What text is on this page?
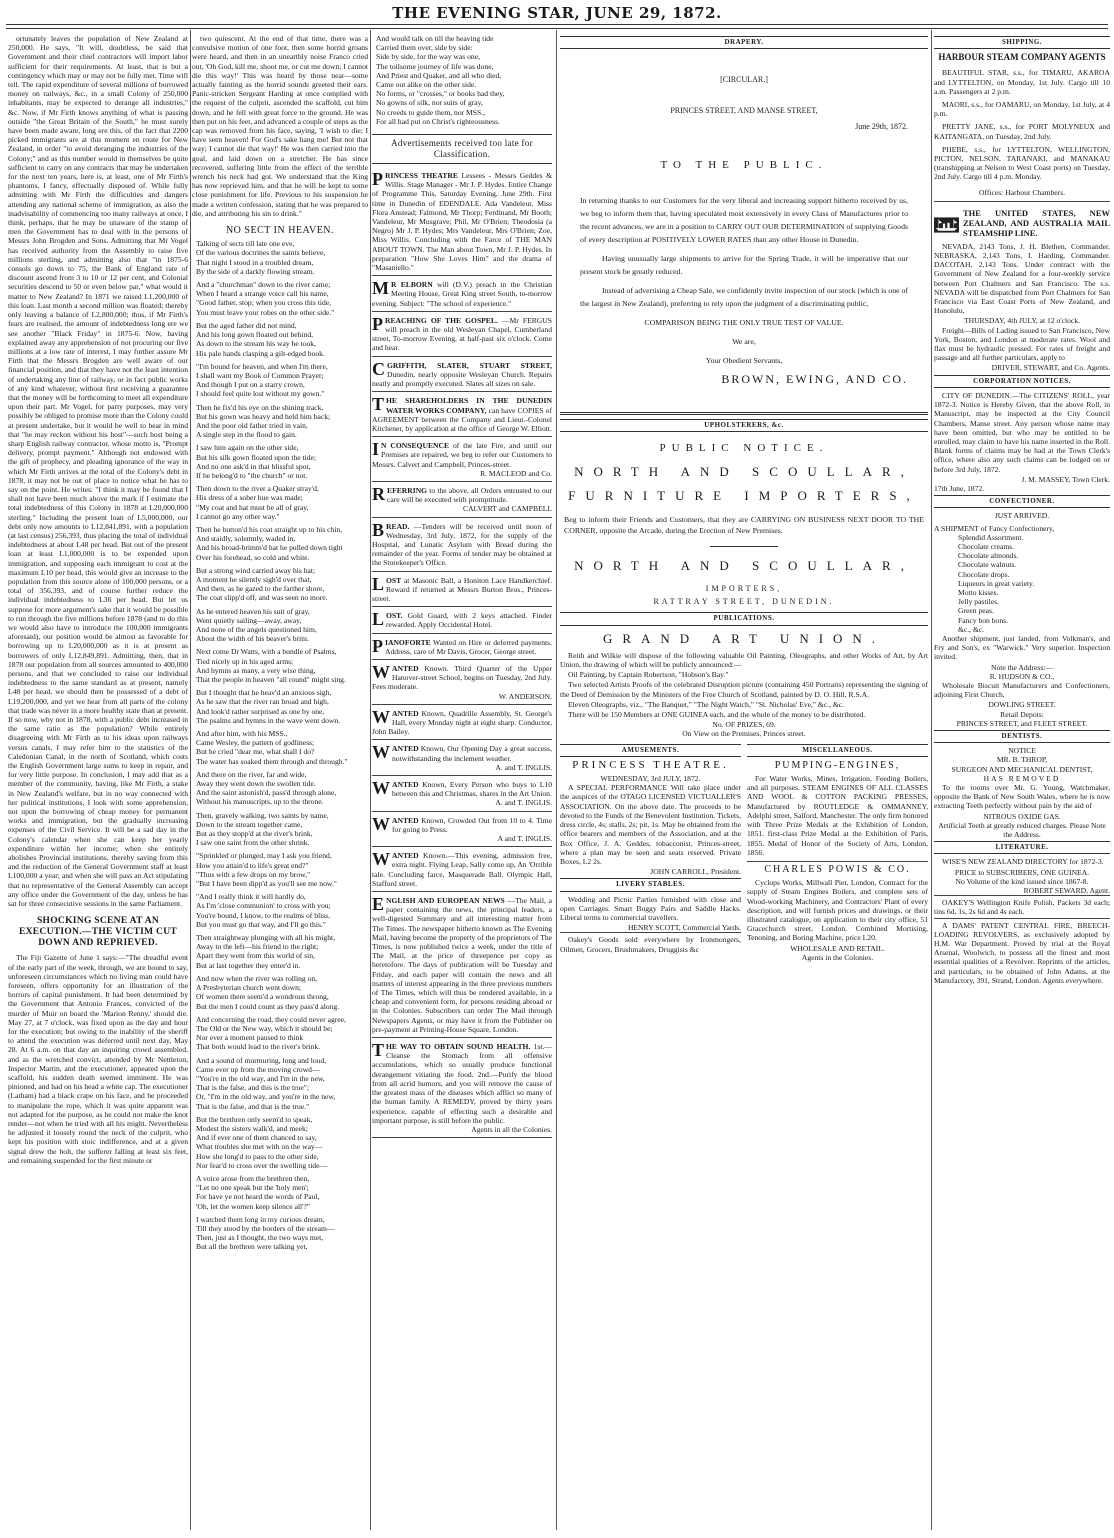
THE EVENING STAR, JUNE 29, 1872.

ortunately leaves the population of New Zealand at 250,000. He says, "It will, doubtless, be said that Government and their chief contractors will import labor sufficient for their requirements. At least, that is but a contingency which may or may not be fully met. Time will tell. The rapid expenditure of several millions of borrowed money on railways, &c., in a small Colony of 250,000 inhabitants, may be expected to derange all industries," &c. Now, if Mr Firth knows anything of what is passing outside "the Great Britain of the South," he must surely have been made aware, long ere this, of the fact that 2200 picked immigrants are at this moment en route for New Zealand, in order "to avoid deranging the industries of the Colony;" and as this number would in themselves be quite sufficient to carry on any contracts that may be undertaken for the next ten years, here is, at least, one of Mr Firth's phantoms, I fancy, effectually disposed of. While fully admitting with Mr Firth the difficulties and dangers attending any national scheme of immigration, as also the inadvisability of commencing too many railways at once, I think, perhaps, that he may be unaware of the stamp of men the Government has to deal with in the persons of Messrs John Brogden and Sons. Admitting that Mr Vogel has received authority from the Assembly to raise five millions sterling, and admitting also that "in 1875-6 consols go down to 75, the Bank of England rate of discount ascend from 3 to 10 or 12 per cent, and Colonial securities descend to 50 or even below par," what would it matter to New Zealand? In 1871 we raised L1,200,000 of this loan. Last month a second million was floated; thereby only leaving a balance of L2,800,000; thus, if Mr Firth's fears are realised, the amount of indebtedness long ere we see another "Black Friday" in 1875-6. Now, having explained away any apprehension of not procuring our five millions at a low rate of interest, I may further assure Mr Firth that the Messrs Brogden are well aware of our financial position, and that they have not the least intention of undertaking any line of railway, or in fact public works of any kind whatever, without first receiving a guarantee that the money will be forthcoming to meet all expenditure upon their part. Mr Vogel, for party purposes, may very possibly be obliged to promise more than the Colony could at present undertake, but it would be well to bear in mind that "he may reckon without his host"—such host being a sharp English railway contractor, whose motto is, "Prompt delivery, prompt payment." Although not endowed with the gift of prophecy, and pleading ignorance of the way in which Mr Firth arrives at the total of the Colony's debt in 1878, it may not be out of place to notice what he has to say on the point. He writes: "I think it may be found that I shall not have been much above the mark if I estimate the total indebtedness of this Colony in 1878 at L20,000,000 sterling." Including the present loan of L5,000,000, our debt only now amounts to L12,841,891, with a population (at last census) 256,393, thus placing the total of individual indebtedness at about L48 per head. But out of the present loan at least L1,000,000 is to be expended upon immigration, and supposing each immigrant to cost at the maximum L10 per head, this would give an increase to the population from this source alone of 100,000 persons, or a total of 356,393, and of course further reduce the individual indebtedness to L36 per head. But let us suppose for more argument's sake that it would be possible to run through the five millions before 1878 (and to do this we would also have to introduce the 100,000 immigrants aforesaid), our position would be almost as favorable for borrowing up to L20,000,000 as it is at present as borrowers of only L12,849,891. Admitting, then, that in 1878 our population from all sources amounted to 400,000 persons, and that we concluded to raise our individual indebtedness to the same standard as at present, namely L48 per head, we should then be possessed of a debt of L19,200,000, and yet we hear from all parts of the colony that trade was never in a more healthy state than at present. If so now, why not in 1878, with a public debt increased in the same ratio as the population? While entirely disagreeing with Mr Firth as to his ideas upon railways versus canals, I may refer him to the statistics of the Caledonian Canal, in the north of Scotland, which costs the English Government large sums to keep in repair, and for very little purpose. In conclusion, I may add that as a member of the community, having, like Mr Firth, a stake in New Zealand's welfare, but in no way connected with her political institutions, I look with some apprehension, not upon the borrowing of cheap money for permanent works and immigration, but the gradually increasing expenses of the Civil Service. It will be a sad day in the Colony's calendar when she can keep her yearly expenditure within her income; when she entirely abolishes Provincial institutions, thereby saving from this and the reduction of the General Government staff at least L100,000 a year; and when she will pass an Act stipulating that no representative of the General Assembly can accept any office under the Government of the day, unless he has sat for three consecutive sessions in the same Parliament.

SHOCKING SCENE AT AN EXECUTION.—THE VICTIM CUT DOWN AND REPRIEVED.

The Fiji Gazette of June 1 says:—"The dreadful event of the early part of the week, through, we are bound to say, unforeseen circumstances which no living man could have foreseen, offers opportunity for an illustration of the horrors of capital punishment. It had been determined by the Government that Antonio Frances, convicted of the murder of Muir on board the 'Marion Renny,' should die. May 27, at 7 o'clock, was fixed upon as the day and hour for the execution; but owing to the inability of the sheriff to attend the execution was deferred until next day, May 28. At 6 a.m. on that day an inquiring crowd assembled, and as the wretched convict, attended by Mr Nettleton, Inspector Martin, and the executioner, appeared upon the scaffold, his sudden death seemed imminent. He was pinioned, and had on his head a white cap. The executioner (Latham) had a black crape on his face, and he proceeded to manipulate the rope, which it was quite apparent was not adapted for the purpose, as he could not make the knot render—not when he tried with all his might. Nevertheless he adjusted it loosely round the neck of the culprit, who kept his position with stoic indifference, and at a given signal drew the bolt, the sufferer falling at least six feet, and remaining suspended for the first minute or

two quiescent. At the end of that time, there was a convulsive motion of one foot, then some horrid groans were heard, and then in an unearthly noise Franco cried out, 'Oh God, kill me, shoot me, or cut me down; I cannot die this way!' This was heard by those near—some actually fainting as the horrid sounds greeted their ears. Panic-stricken Sergeant Harding at once complied with the request of the culprit, ascended the scaffold, cut him down, and he fell with great force to the ground. He was then put on his feet, and advanced a couple of steps as the cap was removed from his face, saying, 'I wish to die; I have seen heaven! For God's sake hang me! But not that way; I cannot die that way!' He was then carried into the goal, and laid down on a stretcher. He has since recovered, suffering little from the effect of the terrible wrench his neck had got. We understand that the King has now reprieved him, and that he will be kept to some close punishment for life. Previous to his suspension he made a written confession, stating that he was prepared to die, and attributing his sin to drink."

NO SECT IN HEAVEN.
Talking of sects till late one eve,
Of the various doctrines the saints believe,
That night I stood in a troubled dream,
By the side of a darkly flowing stream.
And a "churchman" down to the river came;
When I heard a strange voice call his name,
"Good father, stop; when you cross this tide,
You must leave your robes on the other side."
But the aged father did not mind,
And his long gown floated out behind,
As down to the stream his way he took,
His pale hands clasping a gilt-edged book.
"I'm bound for heaven, and when I'm there,
I shall want my Book of Common Prayer;
And though I put on a starry crown,
I should feel quite lost without my gown."
Then he fix'd his eye on the shining track,
But his gown was heavy and held him back;
And the poor old father tried in vain,
A single step in the flood to gain.
I saw him again on the other side,
But his silk gown floated upon the tide;
And no one ask'd in that blissful spot,
If he belong'd to "the church" or not.
Then down to the river a Quaker stray'd,
His dress of a sober hue was made;
"My coat and hat must be all of gray,
I cannot go any other way."
Then he button'd his coat straight up to his chin,
And staidly, solemnly, waded in,
And his broad-brimm'd hat he pulled down tight
Over his forehead, so cold and white.
But a strong wind carried away his hat;
A moment he silently sigh'd over that,
And then, as he gazed to the farther shore,
The coat slipp'd off, and was seen no more.
As he entered heaven his suit of gray,
Went quietly sailing—away, away,
And none of the angels questioned him,
About the width of his beaver's brim.
Next come Dr Watts, with a bundle of Psalms,
Tied nicely up in his aged arms;
And hymns as many, a very wise thing,
That the people in heaven "all round" might sing.
But I thought that he heav'd an anxious sigh,
As he saw that the river ran broad and high,
And look'd rather surprised as one by one,
The psalms and hymns in the wave went down.
And after him, with his MSS.,
Came Wesley, the pattern of godliness;
But he cried "dear me, what shall I do?
The water has soaked them through and through."
And there on the river, far and wide,
Away they went down the swollen tide.
And the saint astonish'd, pass'd through alone,
Without his manuscripts, up to the throne.
Then, gravely walking, two saints by name,
Down to the stream together came,
But as they stopp'd at the river's brink,
I saw one saint from the other shrink.
"Sprinkled or plunged, may I ask you friend,
How you attain'd to life's great end?"
"Thus with a few drops on my brow,"
"But I have been dipp'd as you'll see me now."
"And I really think it will hardly do,
As I'm 'close communion' to cross with you;
You're bound, I know, to the realms of bliss,
But you must go that way, and I'll go this."
Then straightway plunging with all his might,
Away to the left—his friend to the right;
Apart they went from this world of sin,
But at last together they enter'd in.
And now when the river was rolling on,
A Presbyterian church went down;
Of women there seem'd a wondrous throng,
But the men I could count as they pass'd along.
And concerning the road, they could never agree,
The Old or the New way, which it should be;
Nor ever a moment paused to think
That both would lead to the river's brink.
And a sound of murmuring, long and loud,
Came ever up from the moving crowd—
"You're in the old way, and I'm in the new,
That is the false, and this is the true";
Or, "I'm in the old way, and you're in the new,
That is the false, and that is the true."
But the brethren only seem'd to speak,
Modest the sisters walk'd, and meek;
And if ever one of them chanced to say,
What troubles she met with on the way—
How she long'd to pass to the other side,
Nor fear'd to cross over the swelling tide—
A voice arose from the brethren then,
"Let no one speak but the 'holy men';
For have ye not heard the words of Paul,
'Oh, let the women keep silence all'?"
I watched them long in my curious dream,
Till they stood by the borders of the stream—
Then, just as I thought, the two ways met,
But all the brethren were talking yet,
And would talk on till the heaving tide
Carried them over, side by side:
Side by side, for the way was one,
The toilsome journey of life was done,
And Priest and Quaker, and all who died,
Came out alike on the other side.
No forms, or "crosses," or books had they,
No gowns of silk, nor suits of gray,
No creeds to guide them, nor MSS.,
For all had put on Christ's righteousness.
Advertisements received too late for Classification.
PRINCESS THEATRE Lessees - Messrs Geddes & Willis. Stage Manager - Mr J. P. Hydes. Entire Change of Programme This, Saturday Evening, June 29th. First time in Dunedin of EDENDALE. Ada Vandeleur, Miss Flora Anstead; Falmond, Mr Thorp; Ferdinand, Mr Booth; Vandeleur, Mr Musgrave; Phil, Mr O'Brien; Theodosia (a Negro) Mr J. P. Hydes; Mrs Vandeleur, Mrs O'Brien; Zoe, Miss Willis. Concluding with the Farce of THE MAN ABOUT TOWN. The Man about Town, Mr J. P. Hydes. In preparation "How She Loves Him" and the drama of "Masaniello."
M R ELBORN will (D.V.) preach in the Christian Meeting House, Great King street South, to-morrow evening. Subject: "The school of experience."
PREACHING OF THE GOSPEL. —Mr FERGUS will preach in the old Wesleyan Chapel, Cumberland street, To-morrow Evening, at half-past six o'clock. Come and hear.
CGRIFFITH, SLATER, STUART STREET, Dunedin, nearly opposite Wesleyan Church. Repairs neatly and promptly executed. Slates all sizes on sale.
THE SHAREHOLDERS IN THE DUNEDIN WATER WORKS COMPANY, can have COPIES of AGREEMENT between the Company and Lieut.-Colonel Kitchener, by application at the office of George W. Elliott.
I N CONSEQUENCE of the late Fire, and until our Premises are repaired, we beg to refer our Customers to Messrs. Calvert and Campbell, Princes-street.
R. MACLEOD and Co.
REFERRING to the above, all Orders entrusted to our care will be executed with promptitude.
CALVERT and CAMPBELL
BREAD. —Tenders will be received until noon of Wednesday, 3rd July, 1872, for the supply of the Hospital, and Lunatic Asylum with Bread during the remainder of the year. Forms of tender may be obtained at the Storekeeper's Office.
LOST at Masonic Ball, a Honiton Lace Handkerchief. Reward if returned at Messrs Burton Bros., Princes-street.
LOST. Gold Guard, with 2 keys attached. Finder rewarded. Apply Occidental Hotel.
PIANOFORTE Wanted on Hire or deferred payments. Address, care of Mr Davis, Grocer, George street.
WANTED Known. Third Quarter of the Upper Hanover-street School, begins on Tuesday, 2nd July. Fees moderate.
W. ANDERSON.
WANTED Known, Quadrille Assembly, St. George's Hall, every Monday night at eight sharp. Conductor, John Bailey.
WANTED Known, Our Opening Day a great success, notwithstanding the inclement weather.
A. and T. INGLIS.
WANTED Known, Every Person who buys to L10 between this and Christmas, shares in the Art Union.
A. and T. INGLIS.
WANTED Known, Crowded Out from 10 to 4. Time for going to Press.
A and T. INGLIS.
WANTED Known.—This evening, admission free, extra night. Flying Leap, Sally come up, An 'Orrible tale. Concluding farce, Masquerade Ball. Olympic Hall, Stafford street.
ENGLISH AND EUROPEAN NEWS —The Mail, a paper containing the news, the principal leaders, a well-digested Summary and all interesting matter from The Times. The newspaper hitherto known as The Evening Mail, having become the property of the proprietors of The Times, is now published twice a week, under the title of The Mail, at the price of threepence per copy as heretofore. The days of publication will be Tuesday and Friday, and each paper will contain the news and all matters of interest appearing in the three previous numbers of The Times, which will thus be rendered available, in a cheap and convenient form, for persons residing abroad or in the Colonies. Subscribers can order The Mail through Newspapers Agents, or may have it from the Publisher on pre-payment at Printing-House Square, London.
THE WAY TO OBTAIN SOUND HEALTH. 1st.—Cleanse the Stomach from all offensive accumulations, which so usually produce functional derangement vitiating the food. 2nd.—Purify the blood from all acrid humors, and you will remove the cause of the greatest mass of the diseases which afflict so many of the human family. A REMEDY, proved by thirty years experience, capable of effecting such a desirable and important purpose, is still before the public.
Agents in all the Colonies.
DRAPERY.
[CIRCULAR.]
PRINCES STREET, AND MANSE STREET,
June 29th, 1872.
TO THE PUBLIC.

In returning thanks to our Customers for the very liberal and increasing support hitherto received by us, we beg to inform them that, having speculated most extensively in every Class of Manufactures prior to the recent advances, we are in a position to CARRY OUT OUR DETERMINATION of supplying Goods of every description at POSITIVELY LOWER RATES than any other House in Dunedin.

Having unusually large shipments to arrive for the Spring Trade, it will be imperative that our present stock be greatly reduced.

Instead of advertising a Cheap Sale, we confidently invite inspection of our stock (which is one of the largest in New Zealand), preferring to rely upon the judgment of a discriminating public,

COMPARISON BEING THE ONLY TRUE TEST OF VALUE.

We are,

Your Obedient Servants,

BROWN, EWING, AND CO.

UPHOLSTERERS, &c.
PUBLIC NOTICE.
NORTH AND SCOULLAR,
FURNITURE IMPORTERS,

Beg to inform their Friends and Customers, that they are CARRYING ON BUSINESS NEXT DOOR TO THE CORNER, opposite the Arcade, during the Erection of New Premises.

NORTH AND SCOULLAR,
IMPORTERS,
RATTRAY STREET, DUNEDIN.
PUBLICATIONS.
GRAND ART UNION.

Reith and Wilkie will dispose of the following valuable Oil Painting, Oleographs, and other Works of Art, by Art Union, the drawing of which will be publicly announced:—

Oil Painting, by Captain Robertson, "Hobson's Bay."

Two selected Artists Proofs of the celebrated Disruption picture (containing 450 Portraits) representing the signing of the Deed of Demission by the Ministers of the Free Church of Scotland, painted by D. O. Hill, R.S.A.

Eleven Oleographs, viz., "The Banquet," "The Night Watch," "St. Nicholas' Eve," &c., &c.

There will be 150 Members at ONE GUINEA each, and the whole of the money to be distributed.

No. OF PRIZES, 69.
On View on the Premises, Princes street.
AMUSEMENTS.
PRINCESS THEATRE.
WEDNESDAY, 3rd JULY, 1872.

A SPECIAL PERFORMANCE Will take place under the auspices of the OTAGO LICENSED VICTUALLER'S ASSOCIATION. On the above date. The proceeds to be devoted to the Funds of the Benevolent Institution. Tickets, dress circle, 4s; stalls, 2s; pit, 1s. May be obtained from the office bearers and members of the Association, and at the Box Office, J. A. Geddes, tobacconist, Princes-street, where a plan may be seen and seats reserved. Private Boxes, L2 2s.

JOHN CARROLL, President.
LIVERY STABLES.

Wedding and Picnic Parties furnished with close and open Carriages. Smart Buggy Pairs and Saddle Hacks. Liberal terms to commercial travellers.

HENRY SCOTT, Commercial Yards.

Oakey's Goods sold everywhere by Ironmongers, Oilmen, Grocers, Brushmakers, Druggists &c

MISCELLANEOUS.
PUMPING-ENGINES,

For Water Works, Mines, Irrigation, Feeding Boilers, and all purposes. STEAM ENGINES OF ALL CLASSES AND WOOL & COTTON PACKING PRESSES, Manufactured by ROUTLEDGE & OMMANNEY, Adelphi street, Salford, Manchester. The only firm honored with Three Prize Medals at the Exhibition of London, 1851. first-class Prize Medal at the Exhibition of Paris, 1855. Medal of Honor of the Society of Arts, London, 1856.

CHARLES POWIS & CO.

Cyclops Works, Millwall Pier, London, Contract for the supply of Steam Engines Boilers, and complete sets of Wood-working Machinery, and Contractors' Plant of every description, and will furnish prices and drawings, or their illustrated catalogue, on application to their city office, 51 Gracechurch street, London. Combined Mortising, Tenoning, and Boring Machine, price L20.

WHOLESALE AND RETAIL.
Agents in the Colonies.
SHIPPING.
HARBOUR STEAM COMPANY AGENTS

BEAUTIFUL STAR, s.s., for TIMARU, AKAROA and LYTTELTON, on Monday, 1st July. Cargo till 10 a.m. Passengers at 2 p.m.

MAORI, s.s., for OAMARU, on Monday, 1st July, at 4 p.m.

PRETTY JANE, s.s., for PORT MOLYNEUX and KAITANGATA, on Tuesday, 2nd July.

PHEBE, s.s., for LYTTELTON, WELLINGTON, PICTON, NELSON, TARANAKI, and MANAKAU (transhipping at Nelson to West Coast ports) on Tuesday, 2nd July. Cargo till 4 p.m. Monday.

Offices: Harbour Chambers.
THE UNITED STATES, NEW ZEALAND, AND AUSTRALIA MAIL STEAMSHIP LINE.

NEVADA, 2143 Tons, J. H. Blethen, Commander. NEBRASKA, 2,143 Tons, I. Harding, Commander. DACOTAH, 2,143 Tons. Under contract with the Government of New Zealand for a four-weekly service between Port Chalmers and San Francisco. The s.s. NEVADA will be dispatched from Port Chalmers for San Francisco via East Coast Ports of New Zealand, and Honolulu,

THURSDAY, 4th JULY, at 12 o'clock.

Freight—Bills of Lading issued to San Francisco, New York, Boston, and London at moderate rates. Wool and flax must be hydraulic pressed. For rates of freight and passage and all further particulars, apply to

DRIVER, STEWART, and Co. Agents.
CORPORATION NOTICES.

CITY OF DUNEDIN.—The CITIZENS' ROLL, year 1872-3. Notice is Hereby Given, that the above Roll, in Manuscript, may be inspected at the City Council Chambers, Manse street. Any person whose name may have been omitted, but who may be entitled to be enrolled, may claim to have his name inserted in the Roll. Blank forms of claims may be had at the Town Clerk's office, where also any such claims can be lodged on or before 3rd July, 1872.

J. M. MASSEY, Town Clerk.
17th June, 1872.
CONFECTIONER.
JUST ARRIVED.
A SHIPMENT of Fancy Confectionery,
Splendid Assortment.
Chocolate creams.
Chocolate almonds.
Chocolate walnuts.
Chocolate drops.
Liqueurs in great variety.
Motto kisses.
Jelly pastiles.
Green peas.
Fancy bon bons.
&c., &c.

Another shipment, just landed, from Volkman's, and Fry and Son's, ex "Warwick." Very superior. Inspection invited.

Note the Address:—
R. HUDSON & CO.,

Wholesale Biscuit Manufacturers and Confectioners, adjoining First Church,

DOWLING STREET.
Retail Depots:
PRINCES STREET, and FLEET STREET.
DENTISTS.
NOTICE
MR. B. THROP,
SURGEON AND MECHANICAL DENTIST,
HAS REMOVED

To the rooms over Mr. G. Young, Watchmaker, opposite the Bank of New South Wales, where he is now extracting Teeth perfectly without pain by the aid of

NITROUS OXIDE GAS.
Artificial Teeth at greatly reduced charges. Please Note the Address.
LITERATURE.

WISE'S NEW ZEALAND DIRECTORY for 1872-3.

PRICE to SUBSCRIBERS, ONE GUINEA.
No Volume of the kind issued since 1867-8.
ROBERT SEWARD, Agent.

OAKEY'S Wellington Knife Polish, Packets 3d each; tins 6d, 1s, 2s 6d and 4s each.

A DAMS' PATENT CENTRAL FIRE, BREECH-LOADING REVOLVERS, as exclusively adopted by H.M. War Department. Proved by trial at the Royal Arsenal, Woolwich, to possess all the finest and most essential qualities of a Revolver. Reprints of the articles, and particulars, to be obtained of John Adams, at the Manufactory, 391, Strand, London. Agents everywhere.
